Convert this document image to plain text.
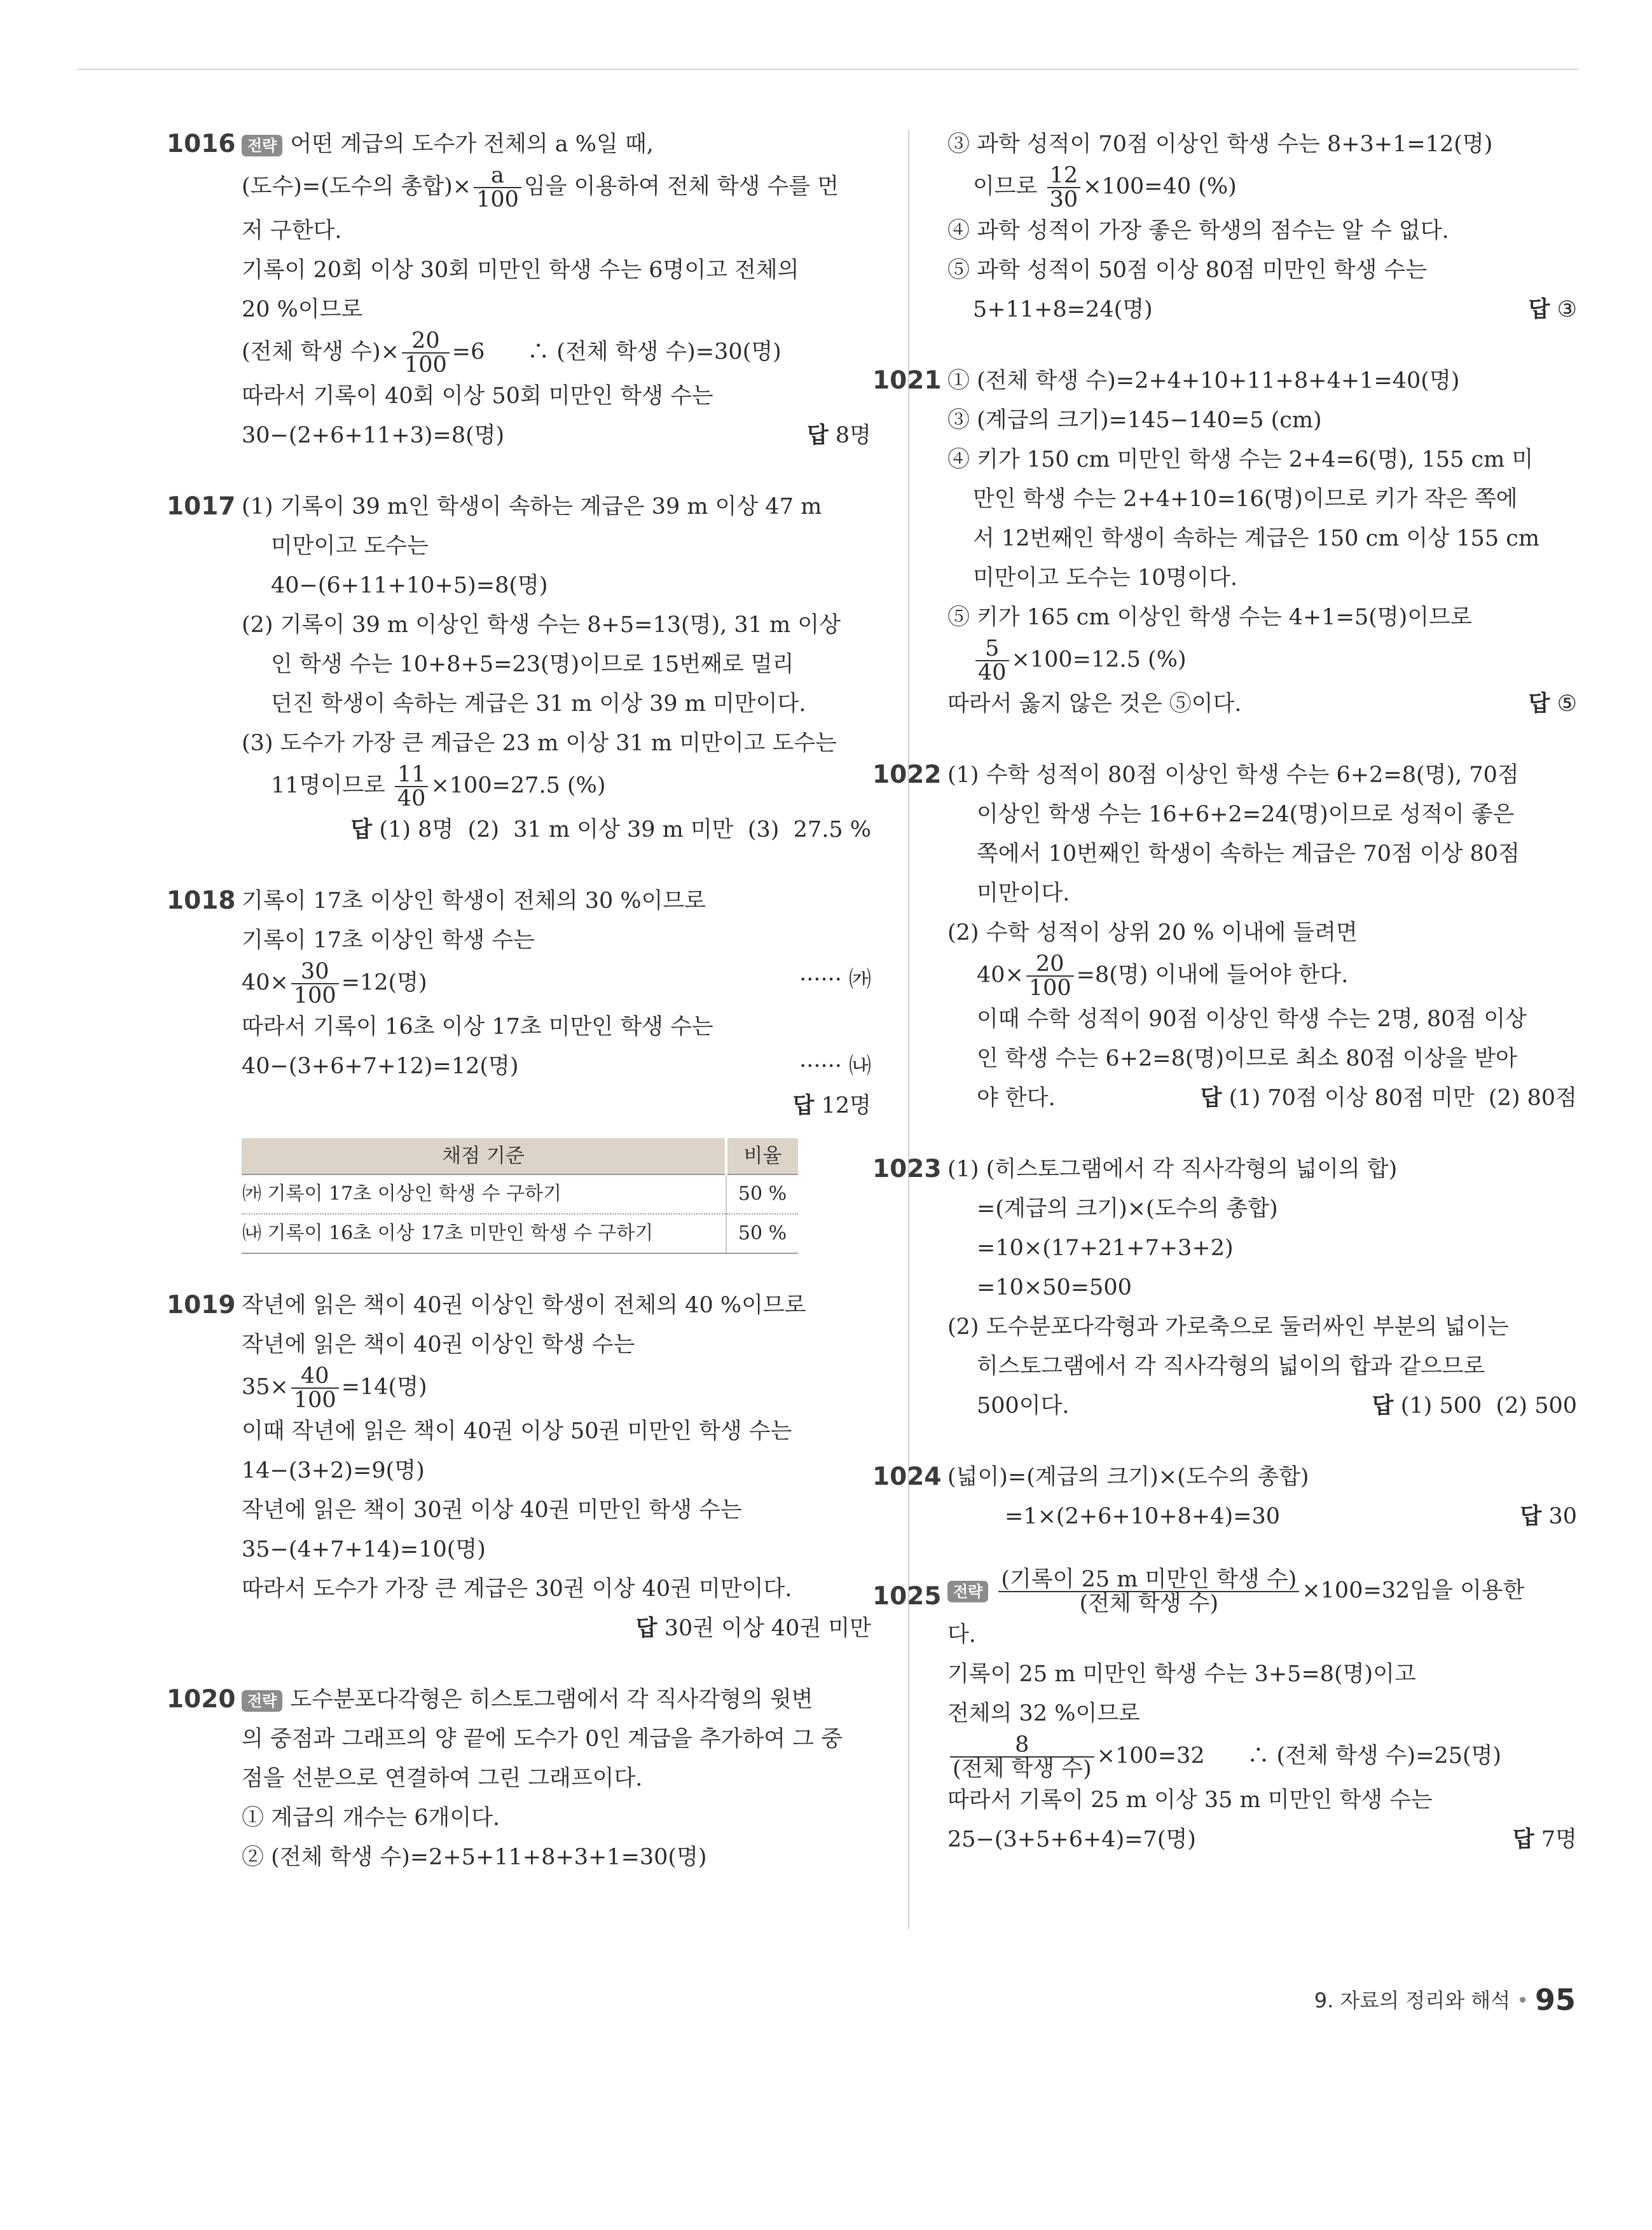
1016 전략 어떤 계급의 도수가 전체의 a %일 때,
(도수)=(도수의 총합)× $\frac{a}{100}$ 임을 이용하여 전체 학생 수를 먼
저 구한다.
기록이 20회 이상 30회 미만인 학생 수는 6명이고 전체의
20 %이므로
(전체 학생 수)× $\frac{20}{100} =6$      ∴ (전체 학생 수)=30(명)
따라서 기록이 40회 이상 50회 미만인 학생 수는
30−(2+6+11+3)=8(명)	답 8명
1017 (1) 기록이 39 m인 학생이 속하는 계급은 39 m 이상 47 m
미만이고 도수는
40−(6+11+10+5)=8(명)
(2) 기록이 39 m 이상인 학생 수는 8+5=13(명), 31 m 이상
인 학생 수는 10+8+5=23(명)이므로 15번째로 멀리
던진 학생이 속하는 계급은 31 m 이상 39 m 미만이다.
(3) 도수가 가장 큰 계급은 23 m 이상 31 m 미만이고 도수는
11명이므로 $\frac{11}{40} \times 100=27.5$ (%)
답 (1) 8명  (2)  31 m 이상 39 m 미만  (3)  27.5 %
1018 기록이 17초 이상인 학생이 전체의 30 %이므로
기록이 17초 이상인 학생 수는
$40\times \frac{30}{100} =12$(명)	······ ㈎
따라서 기록이 16초 이상 17초 미만인 학생 수는
40−(3+6+7+12)=12(명)	······ ㈏
답 12명
채점 기준	비율
㈎ 기록이 17초 이상인 학생 수 구하기	50 %
㈏ 기록이 16초 이상 17초 미만인 학생 수 구하기	50 %
1019 작년에 읽은 책이 40권 이상인 학생이 전체의 40 %이므로
작년에 읽은 책이 40권 이상인 학생 수는
$35\times \frac{40}{100} =14$(명)
이때 작년에 읽은 책이 40권 이상 50권 미만인 학생 수는
14−(3+2)=9(명)
작년에 읽은 책이 30권 이상 40권 미만인 학생 수는
35−(4+7+14)=10(명)
따라서 도수가 가장 큰 계급은 30권 이상 40권 미만이다.
답 30권 이상 40권 미만
1020 전략 도수분포다각형은 히스토그램에서 각 직사각형의 윗변
의 중점과 그래프의 양 끝에 도수가 0인 계급을 추가하여 그 중
점을 선분으로 연결하여 그린 그래프이다.
① 계급의 개수는 6개이다.
② (전체 학생 수)=2+5+11+8+3+1=30(명)
③ 과학 성적이 70점 이상인 학생 수는 8+3+1=12(명)
이므로 $\frac{12}{30} \times 100=40$ (%)
④ 과학 성적이 가장 좋은 학생의 점수는 알 수 없다.
⑤ 과학 성적이 50점 이상 80점 미만인 학생 수는
5+11+8=24(명)	답 ③
1021 ① (전체 학생 수)=2+4+10+11+8+4+1=40(명)
③ (계급의 크기)=145−140=5 (cm)
④ 키가 150 cm 미만인 학생 수는 2+4=6(명), 155 cm 미
만인 학생 수는 2+4+10=16(명)이므로 키가 작은 쪽에
서 12번째인 학생이 속하는 계급은 150 cm 이상 155 cm
미만이고 도수는 10명이다.
⑤ 키가 165 cm 이상인 학생 수는 4+1=5(명)이므로
$\frac{5}{40} \times 100=12.5$ (%)
따라서 옳지 않은 것은 ⑤이다.	답 ⑤
1022 (1) 수학 성적이 80점 이상인 학생 수는 6+2=8(명), 70점
이상인 학생 수는 16+6+2=24(명)이므로 성적이 좋은
쪽에서 10번째인 학생이 속하는 계급은 70점 이상 80점
미만이다.
(2) 수학 성적이 상위 20 % 이내에 들려면
$40\times \frac{20}{100} =8$(명) 이내에 들어야 한다.
이때 수학 성적이 90점 이상인 학생 수는 2명, 80점 이상
인 학생 수는 6+2=8(명)이므로 최소 80점 이상을 받아
야 한다.	답 (1) 70점 이상 80점 미만  (2) 80점
1023 (1) (히스토그램에서 각 직사각형의 넓이의 합)
=(계급의 크기)×(도수의 총합)
=10×(17+21+7+3+2)
=10×50=500
(2) 도수분포다각형과 가로축으로 둘러싸인 부분의 넓이는
히스토그램에서 각 직사각형의 넓이의 합과 같으므로
500이다.	답 (1) 500  (2) 500
1024 (넓이)=(계급의 크기)×(도수의 총합)
=1×(2+6+10+8+4)=30	답 30
1025 전략 $\frac{\text{(기록이 25 m 미만인 학생 수)}}{\text{(전체 학생 수)}} \times 100=32$임을 이용한
다.
기록이 25 m 미만인 학생 수는 3+5=8(명)이고
전체의 32 %이므로
$\frac{8}{\text{(전체 학생 수)}} \times 100=32$      ∴ (전체 학생 수)=25(명)
따라서 기록이 25 m 이상 35 m 미만인 학생 수는
25−(3+5+6+4)=7(명)	답 7명
9. 자료의 정리와 해석 • 95
